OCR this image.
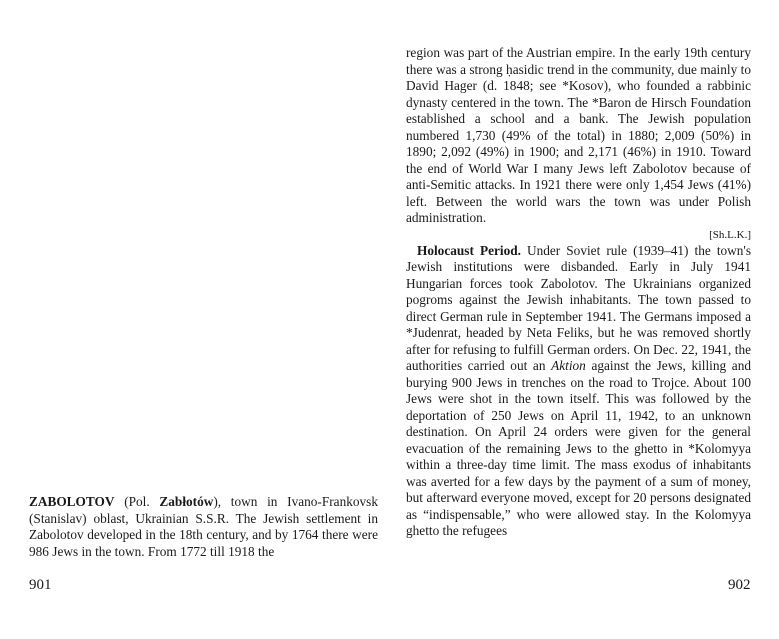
ZABOLOTOV (Pol. Zabłotów), town in Ivano-Frankovsk (Stanislav) oblast, Ukrainian S.S.R. The Jewish settlement in Zabolotov developed in the 18th century, and by 1764 there were 986 Jews in the town. From 1772 till 1918 the

region was part of the Austrian empire. In the early 19th century there was a strong ḥasidic trend in the community, due mainly to David Hager (d. 1848; see *Kosov), who founded a rabbinic dynasty centered in the town. The *Baron de Hirsch Foundation established a school and a bank. The Jewish population numbered 1,730 (49% of the total) in 1880; 2,009 (50%) in 1890; 2,092 (49%) in 1900; and 2,171 (46%) in 1910. Toward the end of World War I many Jews left Zabolotov because of anti-Semitic attacks. In 1921 there were only 1,454 Jews (41%) left. Between the world wars the town was under Polish administration.

[Sh.L.K.]

Holocaust Period. Under Soviet rule (1939–41) the town's Jewish institutions were disbanded. Early in July 1941 Hungarian forces took Zabolotov. The Ukrainians organized pogroms against the Jewish inhabitants. The town passed to direct German rule in September 1941. The Germans imposed a *Judenrat, headed by Neta Feliks, but he was removed shortly after for refusing to fulfill German orders. On Dec. 22, 1941, the authorities carried out an Aktion against the Jews, killing and burying 900 Jews in trenches on the road to Trojce. About 100 Jews were shot in the town itself. This was followed by the deportation of 250 Jews on April 11, 1942, to an unknown destination. On April 24 orders were given for the general evacuation of the remaining Jews to the ghetto in *Kolomyya within a three-day time limit. The mass exodus of inhabitants was averted for a few days by the payment of a sum of money, but afterward everyone moved, except for 20 persons designated as “indispensable,” who were allowed stay. In the Kolomyya ghetto the refugees

901	902
